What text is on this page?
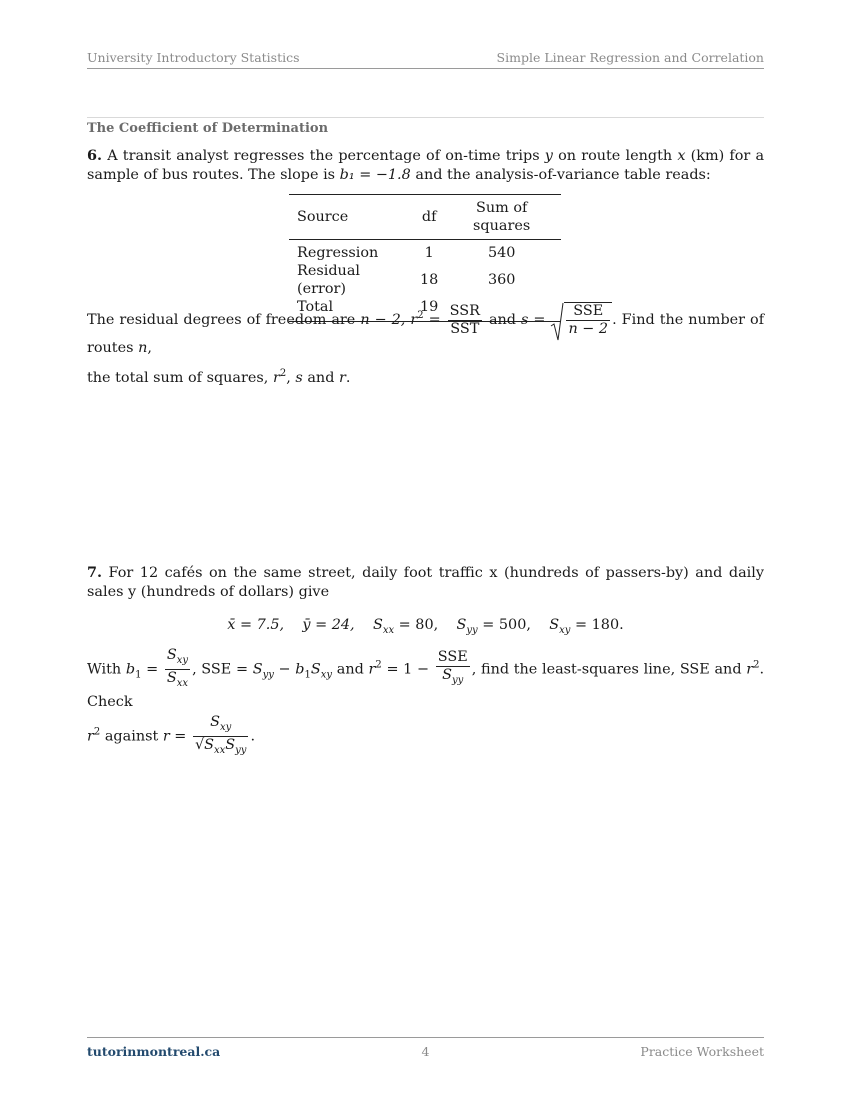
University Introductory Statistics	Simple Linear Regression and Correlation
The Coefficient of Determination
6. A transit analyst regresses the percentage of on-time trips y on route length x (km) for a sample of bus routes. The slope is b₁ = −1.8 and the analysis-of-variance table reads:
Source	df	Sum of squares
Regression	1	540
Residual (error)	18	360
Total	19	
The residual degrees of freedom are n − 2, $r^2 = \frac{\text{SSR}}{\text{SST}}$ and $s = \frac{\text{SSE}}{n - 2}$ . Find the number of routes n,
the total sum of squares, $r^2$, s and r.
7. For 12 cafés on the same street, daily foot traffic x (hundreds of passers-by) and daily sales y (hundreds of dollars) give
x̄ = 7.5, ȳ = 24, $S_{xx} = 80$, $S_{yy} = 500$, $S_{xy} = 180$.
With $b_1 = \frac{S_{xy}}{S_{xx}}$ , SSE = $S_{yy} - b_1S_{xy}$ and $r^2 = 1 - \frac{\text{SSE}}{S_{yy}}$ , find the least-squares line, SSE and $r^2$. Check
$r^2$ against $r = \frac{S_{xy}}{√S_{xx}S_{yy}}$ .
tutorinmontreal.ca	4	Practice Worksheet
